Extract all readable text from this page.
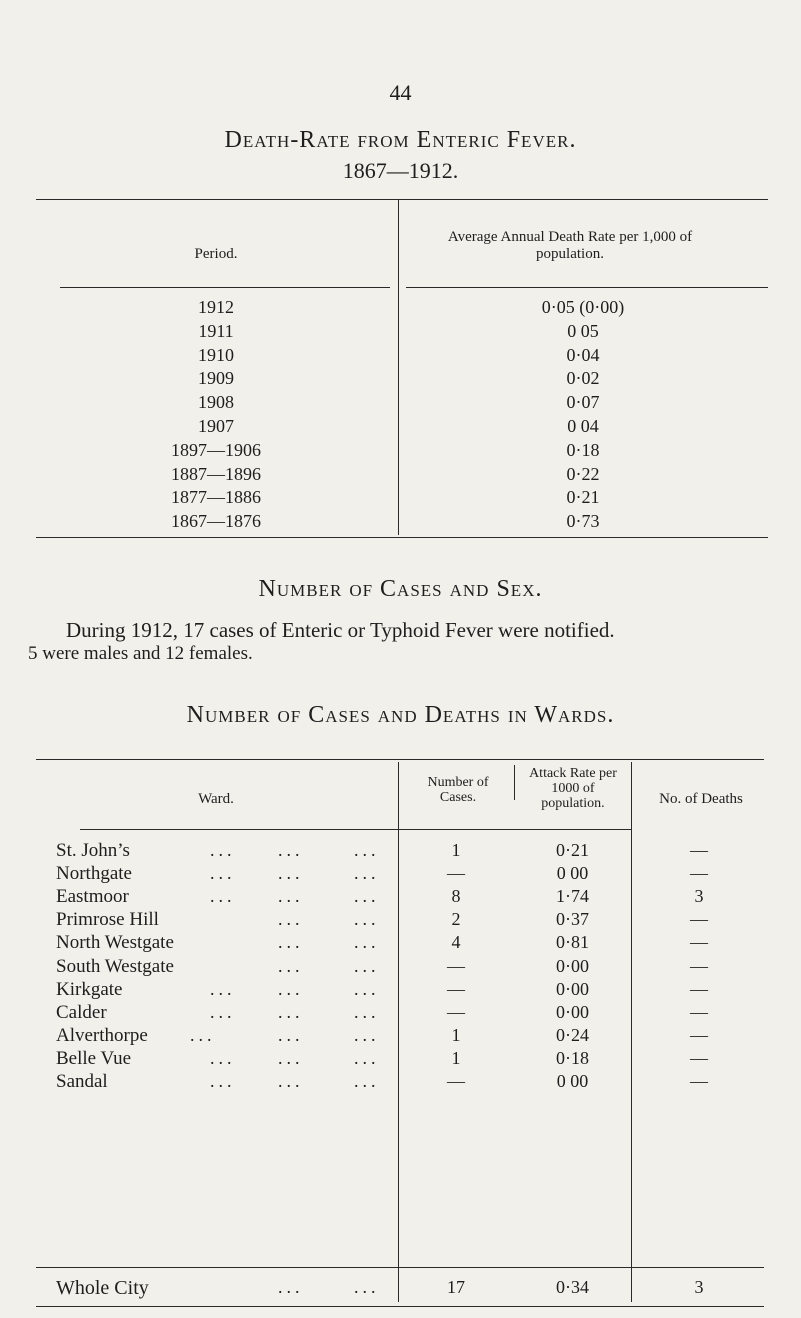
44
Death-Rate from Enteric Fever.
1867—1912.
Period.
Average Annual Death Rate per 1,000 of population.
1912	0·05 (0·00)
1911	0 05
1910	0·04
1909	0·02
1908	0·07
1907	0 04
1897—1906	0·18
1887—1896	0·22
1877—1886	0·21
1867—1876	0·73
Number of Cases and Sex.
During 1912, 17 cases of Enteric or Typhoid Fever were notified.
5 were males and 12 females.
Number of Cases and Deaths in Wards.
Ward.
Number of Cases.
Attack Rate per 1000 of population.	No. of Deaths
St. John’s	... ...	...	1	0·21	—
Northgate	... ...	...	—	0 00	—
Eastmoor	... ...	...	8	1·74	3
Primrose Hill	...	...	2	0·37	—
North Westgate	...	...	4	0·81	—
South Westgate	...	...	—	0·00	—
Kirkgate	... ...	...	—	0·00	—
Calder	... ...	...	—	0·00	—
Alverthorpe ...	...	...	1	0·24	—
Belle Vue	... ...	...	1	0·18	—
Sandal	... ...	...	—	0 00	—
Whole City	...	...	17	0·34	3
